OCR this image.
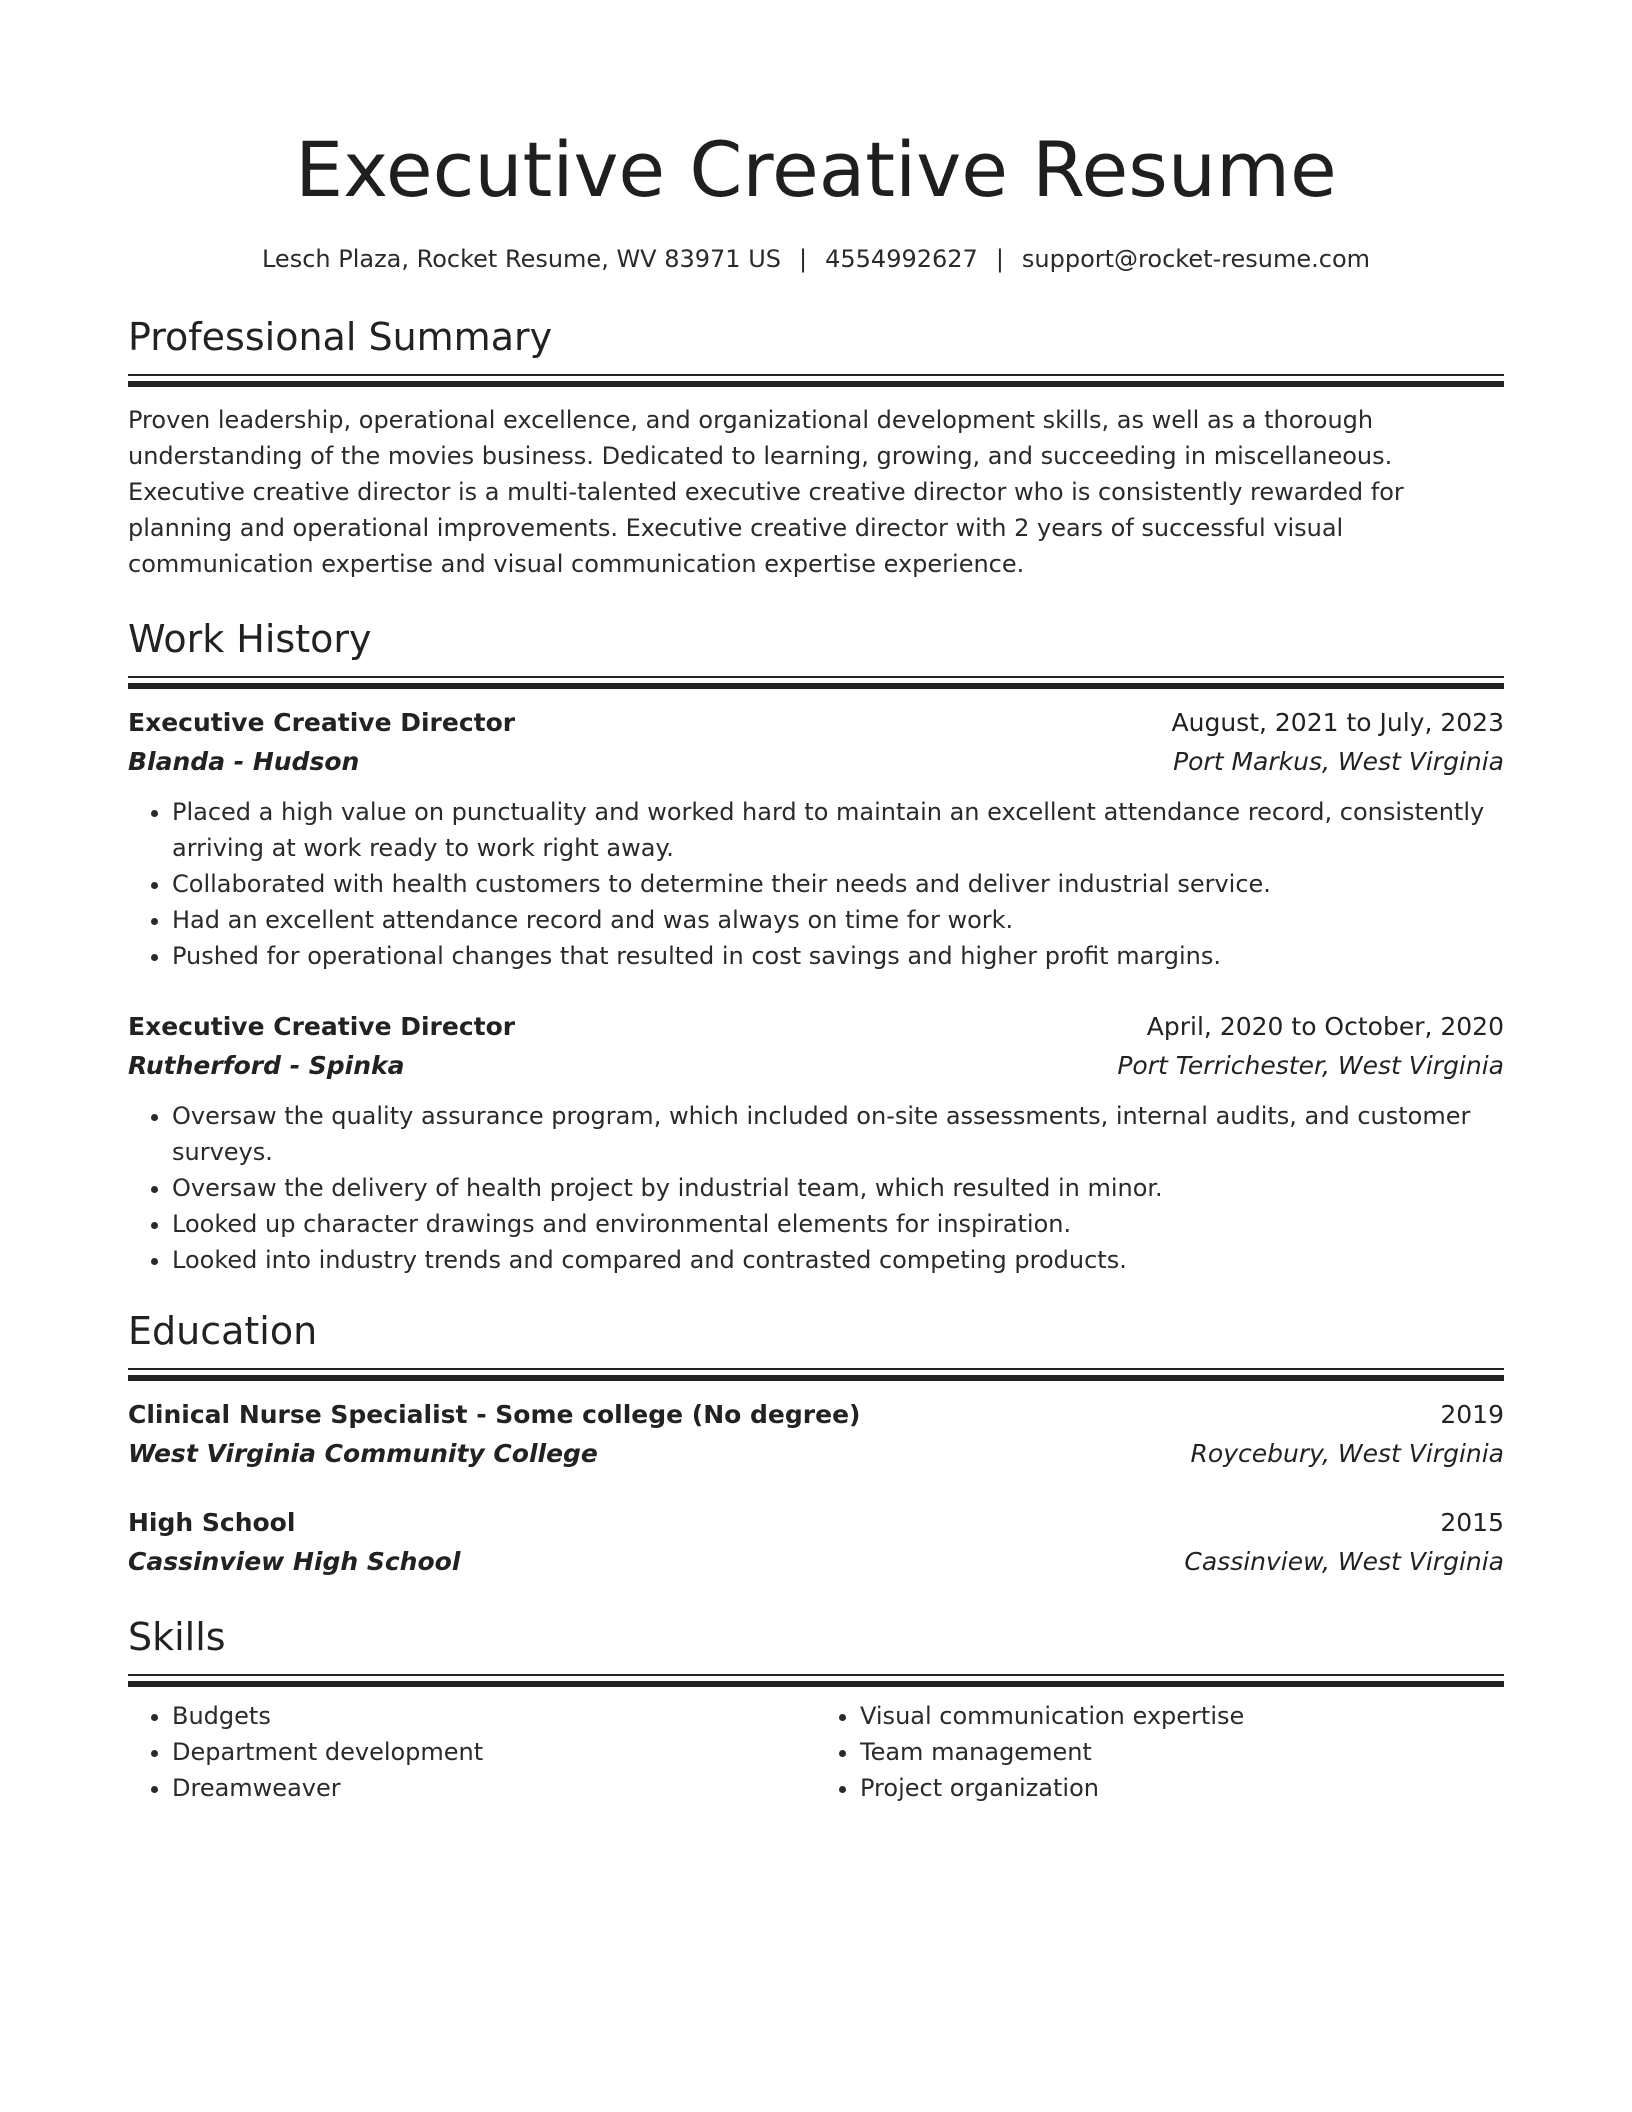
Executive Creative Resume
Lesch Plaza, Rocket Resume, WV 83971 US | 4554992627 | support@rocket-resume.com
Professional Summary
Proven leadership, operational excellence, and organizational development skills, as well as a thorough understanding of the movies business. Dedicated to learning, growing, and succeeding in miscellaneous. Executive creative director is a multi-talented executive creative director who is consistently rewarded for planning and operational improvements. Executive creative director with 2 years of successful visual communication expertise and visual communication expertise experience.
Work History
Executive Creative Director	August, 2021 to July, 2023
Blanda - Hudson	Port Markus, West Virginia
• Placed a high value on punctuality and worked hard to maintain an excellent attendance record, consistently arriving at work ready to work right away.
• Collaborated with health customers to determine their needs and deliver industrial service.
• Had an excellent attendance record and was always on time for work.
• Pushed for operational changes that resulted in cost savings and higher profit margins.
Executive Creative Director	April, 2020 to October, 2020
Rutherford - Spinka	Port Terrichester, West Virginia
• Oversaw the quality assurance program, which included on-site assessments, internal audits, and customer surveys.
• Oversaw the delivery of health project by industrial team, which resulted in minor.
• Looked up character drawings and environmental elements for inspiration.
• Looked into industry trends and compared and contrasted competing products.
Education
Clinical Nurse Specialist - Some college (No degree)	2019
West Virginia Community College	Roycebury, West Virginia
High School	2015
Cassinview High School	Cassinview, West Virginia
Skills
• Budgets
• Department development
• Dreamweaver
• Visual communication expertise
• Team management
• Project organization
